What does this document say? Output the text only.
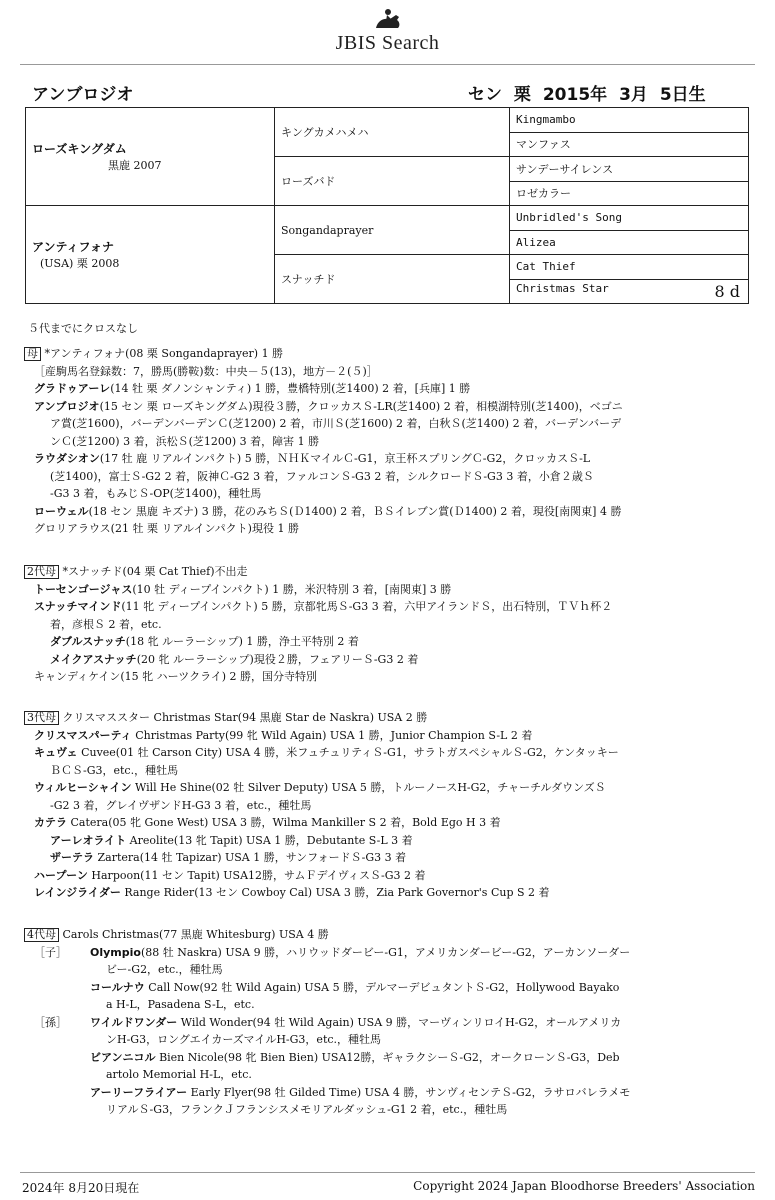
JBIS Search
アンブロジオ	セン 栗 2015年 3月 5日生
ローズキングダム
黒鹿 2007	キングカメハメハ	Kingmambo
		マンファス
	ローズバド	サンデーサイレンス
		ロゼカラー

アンティフォナ
(USA) 栗 2008	Songandaprayer	Unbridled's Song
		Alizea
	スナッチド	Cat Thief
		Christmas Star 8 d
５代までにクロスなし
母 *アンティフォナ(08 栗 Songandaprayer) 1 勝
［産駒馬名登録数：7，勝馬(勝鞍)数：中央－５(13)，地方－２(５)］
グラドゥアーレ(14 牡 栗 ダノンシャンティ) 1 勝，豊橋特別(芝1400) 2 着，[兵庫] 1 勝
アンブロジオ(15 セン 栗 ローズキングダム)現役３勝，クロッカスＳ-LR(芝1400) 2 着，相模湖特別(芝1400)，ベゴニ
ア賞(芝1600)，バーデンバーデンＣ(芝1200) 2 着，市川Ｓ(芝1600) 2 着，白秋Ｓ(芝1400) 2 着，バーデンバーデ
ンＣ(芝1200) 3 着，浜松Ｓ(芝1200) 3 着，障害 1 勝
ラウダシオン(17 牡 鹿 リアルインパクト) 5 勝，ＮＨＫマイルＣ-G1，京王杯スプリングＣ-G2，クロッカスＳ-L
(芝1400)，富士Ｓ-G2 2 着，阪神Ｃ-G2 3 着，ファルコンＳ-G3 2 着，シルクロードＳ-G3 3 着，小倉２歳Ｓ
-G3 3 着，もみじＳ-OP(芝1400)，種牡馬
ローウェル(18 セン 黒鹿 キズナ) 3 勝，花のみちＳ(Ｄ1400) 2 着，ＢＳイレブン賞(Ｄ1400) 2 着，現役[南関東] 4 勝
グロリアラウス(21 牡 栗 リアルインパクト)現役 1 勝
2代母 *スナッチド(04 栗 Cat Thief)不出走
トーセンゴージャス(10 牡 ディープインパクト) 1 勝，米沢特別 3 着，[南関東] 3 勝
スナッチマインド(11 牝 ディープインパクト) 5 勝，京都牝馬Ｓ-G3 3 着，六甲アイランドＳ，出石特別，ＴＶｈ杯２
着，彦根Ｓ 2 着，etc.
ダブルスナッチ(18 牝 ルーラーシップ) 1 勝，浄土平特別 2 着
メイクアスナッチ(20 牝 ルーラーシップ)現役２勝，フェアリーＳ-G3 2 着
キャンディケイン(15 牝 ハーツクライ) 2 勝，国分寺特別
3代母 クリスマススター Christmas Star(94 黒鹿 Star de Naskra) USA 2 勝
クリスマスパーティ Christmas Party(99 牝 Wild Again) USA 1 勝，Junior Champion S-L 2 着
キュヴェ Cuvee(01 牡 Carson City) USA 4 勝，米フュチュリティＳ-G1，サラトガスペシャルＳ-G2，ケンタッキー
ＢＣＳ-G3，etc.，種牡馬
ウィルヒーシャイン Will He Shine(02 牡 Silver Deputy) USA 5 勝，トルーノースH-G2，チャーチルダウンズＳ
-G2 3 着，グレイヴザンドH-G3 3 着，etc.，種牡馬
カテラ Catera(05 牝 Gone West) USA 3 勝，Wilma Mankiller S 2 着，Bold Ego H 3 着
アーレオライト Areolite(13 牝 Tapit) USA 1 勝，Debutante S-L 3 着
ザーテラ Zartera(14 牡 Tapizar) USA 1 勝，サンフォードＳ-G3 3 着
ハープーン Harpoon(11 セン Tapit) USA12勝，サムＦデイヴィスＳ-G3 2 着
レインジライダー Range Rider(13 セン Cowboy Cal) USA 3 勝，Zia Park Governor's Cup S 2 着
4代母 Carols Christmas(77 黒鹿 Whitesburg) USA 4 勝
［子］ Olympio(88 牡 Naskra) USA 9 勝，ハリウッドダービー-G1，アメリカンダービー-G2，アーカンソーダー
ビー-G2，etc.，種牡馬
コールナウ Call Now(92 牡 Wild Again) USA 5 勝，デルマーデビュタントＳ-G2，Hollywood Bayako
a H-L，Pasadena S-L，etc.
［孫］ ワイルドワンダー Wild Wonder(94 牡 Wild Again) USA 9 勝，マーヴィンリロイH-G2，オールアメリカ
ンH-G3，ロングエイカーズマイルH-G3，etc.，種牡馬
ビアンニコル Bien Nicole(98 牝 Bien Bien) USA12勝，ギャラクシーＳ-G2，オークローンＳ-G3，Deb
artolo Memorial H-L，etc.
アーリーフライアー Early Flyer(98 牡 Gilded Time) USA 4 勝，サンヴィセンテＳ-G2，ラサロバレラメモ
リアルＳ-G3，フランクＪフランシスメモリアルダッシュ-G1 2 着，etc.，種牡馬
2024年 8月20日現在	Copyright 2024 Japan Bloodhorse Breeders' Association
